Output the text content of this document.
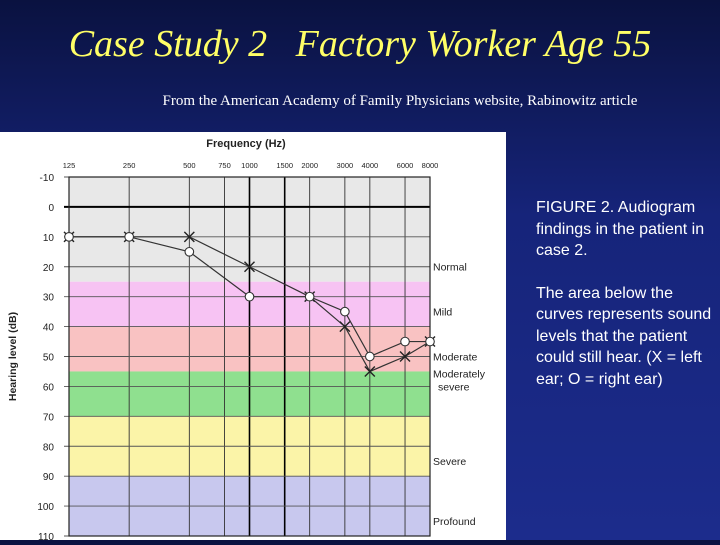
Case Study 2   Factory Worker Age 55
From the American Academy of Family Physicians website, Rabinowitz article
Frequency (Hz)
125	250	500	750 1000 1500 2000 3000 4000 6000 8000
-10
0
10
20
30
40
50
60
70
80
90
100
110
Hearing level (dB)
Normal
Mild
Moderate
Moderately
severe
Severe
Profound

FIGURE 2. Audiogram findings in the patient in case 2.

The area below the curves represents sound levels that the patient could still hear. (X = left ear; O = right ear)
